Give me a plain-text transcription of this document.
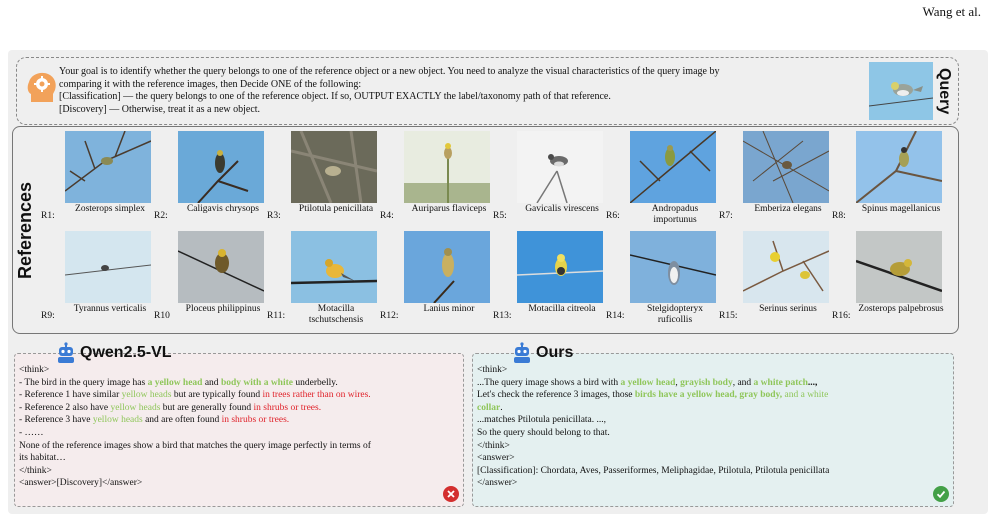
Wang et al.

Your goal is to identify whether the query belongs to one of the reference object or a new object. You need to analyze the visual characteristics of the query image by

comparing it with the reference images, then Decide ONE of the following:

[Classification] — the query belongs to one of the reference object. If so, OUTPUT EXACTLY the label/taxonomy path of that reference.

[Discovery] — Otherwise, treat it as a new object.	Query
References R1:
Zosterops simplex
R2:
Caligavis chrysops
R3:
Ptilotula penicillata
R4:
Auriparus flaviceps
R5:
Gavicalis virescens
R6:
Andropadus importunus	R7:
Emberiza elegans
R8:
Spinus magellanicus
R9:
Tyrannus verticalis
R10
Ploceus philippinus
R11:
Motacilla tschutschensis	R12:
Lanius minor
R13:
Motacilla citreola
R14:
Stelgidopteryx ruficollis	R15:
Serinus serinus
R16:
Zosterops palpebrosus
Qwen2.5-VL

<think>

- The bird in the query image has a yellow head and body with a white underbelly.

- Reference 1 have similar yellow heads but are typically found in trees rather than on wires.

- Reference 2 also have yellow heads but are generally found in shrubs or trees.

- Reference 3 have yellow heads and are often found in shrubs or trees.

- ……

None of the reference images show a bird that matches the query image perfectly in terms of

its habitat…

</think>

<answer>[Discovery]</answer>

Ours

<think>

...The query image shows a bird with a yellow head, grayish body, and a white patch...,

Let's check the reference 3 images, those birds have a yellow head, gray body, and a white
collar.

...matches Ptilotula penicillata. ...,

So the query should belong to that.

</think>

<answer>

[Classification]: Chordata, Aves, Passeriformes, Meliphagidae, Ptilotula, Ptilotula penicillata

</answer>
